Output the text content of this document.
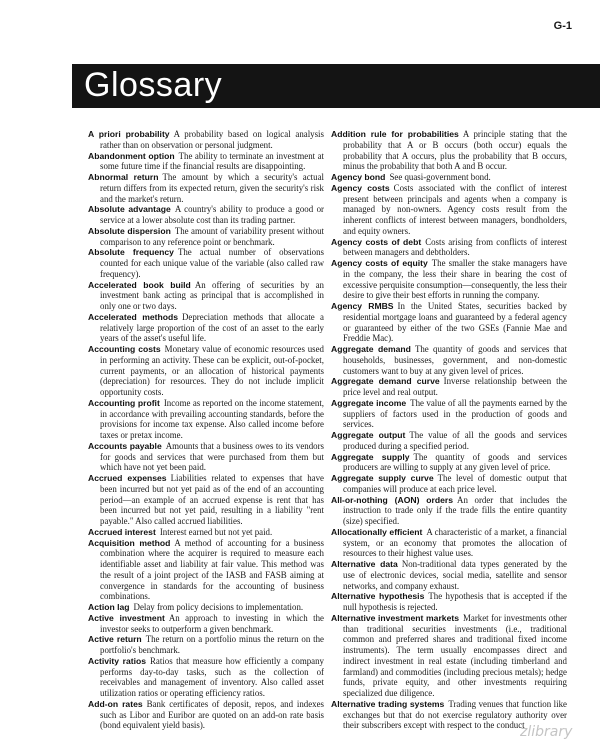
G-1
Glossary

A priori probability A probability based on logical analysis rather than on observation or personal judgment.

Abandonment option The ability to terminate an investment at some future time if the financial results are disappointing.

Abnormal return The amount by which a security's actual return differs from its expected return, given the security's risk and the market's return.

Absolute advantage A country's ability to produce a good or service at a lower absolute cost than its trading partner.

Absolute dispersion The amount of variability present without comparison to any reference point or benchmark.

Absolute frequency The actual number of observations counted for each unique value of the variable (also called raw frequency).

Accelerated book build An offering of securities by an investment bank acting as principal that is accomplished in only one or two days.

Accelerated methods Depreciation methods that allocate a relatively large proportion of the cost of an asset to the early years of the asset's useful life.

Accounting costs Monetary value of economic resources used in performing an activity. These can be explicit, out-of-pocket, current payments, or an allocation of historical payments (depreciation) for resources. They do not include implicit opportunity costs.

Accounting profit Income as reported on the income statement, in accordance with prevailing accounting standards, before the provisions for income tax expense. Also called income before taxes or pretax income.

Accounts payable Amounts that a business owes to its vendors for goods and services that were purchased from them but which have not yet been paid.

Accrued expenses Liabilities related to expenses that have been incurred but not yet paid as of the end of an accounting period—an example of an accrued expense is rent that has been incurred but not yet paid, resulting in a liability "rent payable." Also called accrued liabilities.

Accrued interest Interest earned but not yet paid.

Acquisition method A method of accounting for a business combination where the acquirer is required to measure each identifiable asset and liability at fair value. This method was the result of a joint project of the IASB and FASB aiming at convergence in standards for the accounting of business combinations.

Action lag Delay from policy decisions to implementation.

Active investment An approach to investing in which the investor seeks to outperform a given benchmark.

Active return The return on a portfolio minus the return on the portfolio's benchmark.

Activity ratios Ratios that measure how efficiently a company performs day-to-day tasks, such as the collection of receivables and management of inventory. Also called asset utilization ratios or operating efficiency ratios.

Add-on rates Bank certificates of deposit, repos, and indexes such as Libor and Euribor are quoted on an add-on rate basis (bond equivalent yield basis).

Addition rule for probabilities A principle stating that the probability that A or B occurs (both occur) equals the probability that A occurs, plus the probability that B occurs, minus the probability that both A and B occur.

Agency bond See quasi-government bond.

Agency costs Costs associated with the conflict of interest present between principals and agents when a company is managed by non-owners. Agency costs result from the inherent conflicts of interest between managers, bondholders, and equity owners.

Agency costs of debt Costs arising from conflicts of interest between managers and debtholders.

Agency costs of equity The smaller the stake managers have in the company, the less their share in bearing the cost of excessive perquisite consumption—consequently, the less their desire to give their best efforts in running the company.

Agency RMBS In the United States, securities backed by residential mortgage loans and guaranteed by a federal agency or guaranteed by either of the two GSEs (Fannie Mae and Freddie Mac).

Aggregate demand The quantity of goods and services that households, businesses, government, and non-domestic customers want to buy at any given level of prices.

Aggregate demand curve Inverse relationship between the price level and real output.

Aggregate income The value of all the payments earned by the suppliers of factors used in the production of goods and services.

Aggregate output The value of all the goods and services produced during a specified period.

Aggregate supply The quantity of goods and services producers are willing to supply at any given level of price.

Aggregate supply curve The level of domestic output that companies will produce at each price level.

All-or-nothing (AON) orders An order that includes the instruction to trade only if the trade fills the entire quantity (size) specified.

Allocationally efficient A characteristic of a market, a financial system, or an economy that promotes the allocation of resources to their highest value uses.

Alternative data Non-traditional data types generated by the use of electronic devices, social media, satellite and sensor networks, and company exhaust.

Alternative hypothesis The hypothesis that is accepted if the null hypothesis is rejected.

Alternative investment markets Market for investments other than traditional securities investments (i.e., traditional common and preferred shares and traditional fixed income instruments). The term usually encompasses direct and indirect investment in real estate (including timberland and farmland) and commodities (including precious metals); hedge funds, private equity, and other investments requiring specialized due diligence.

Alternative trading systems Trading venues that function like exchanges but that do not exercise regulatory authority over their subscribers except with respect to the conduct

zlibrary
